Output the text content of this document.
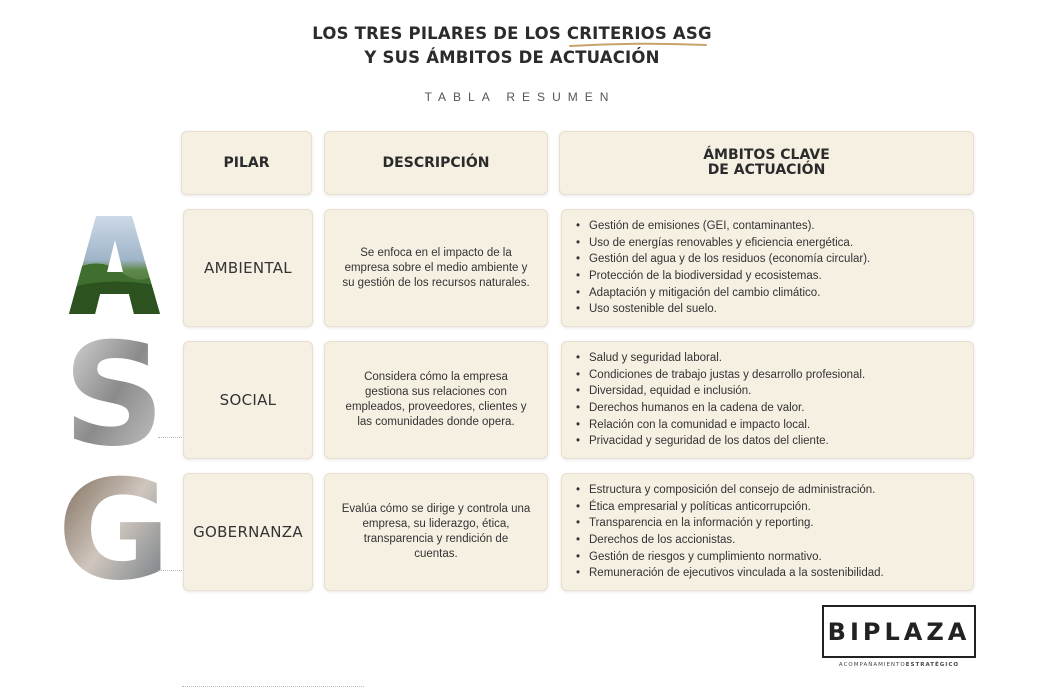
LOS TRES PILARES DE LOS CRITERIOS ASG
Y SUS ÁMBITOS DE ACTUACIÓN
TABLA RESUMEN
PILAR	DESCRIPCIÓN	ÁMBITOS CLAVE
DE ACTUACIÓN
S
G
AMBIENTAL
Se enfoca en el impacto de la empresa sobre el medio ambiente y su gestión de los recursos naturales.
• Gestión de emisiones (GEI, contaminantes).
• Uso de energías renovables y eficiencia energética.
• Gestión del agua y de los residuos (economía circular).
• Protección de la biodiversidad y ecosistemas.
• Adaptación y mitigación del cambio climático.
• Uso sostenible del suelo.
SOCIAL
Considera cómo la empresa gestiona sus relaciones con empleados, proveedores, clientes y las comunidades donde opera.
• Salud y seguridad laboral.
• Condiciones de trabajo justas y desarrollo profesional.
• Diversidad, equidad e inclusión.
• Derechos humanos en la cadena de valor.
• Relación con la comunidad e impacto local.
• Privacidad y seguridad de los datos del cliente.
GOBERNANZA
Evalúa cómo se dirige y controla una empresa, su liderazgo, ética, transparencia y rendición de cuentas.
• Estructura y composición del consejo de administración.
• Ética empresarial y políticas anticorrupción.
• Transparencia en la información y reporting.
• Derechos de los accionistas.
• Gestión de riesgos y cumplimiento normativo.
• Remuneración de ejecutivos vinculada a la sostenibilidad.
BIPLAZA
ACOMPAÑAMIENTOESTRATÉGICO
